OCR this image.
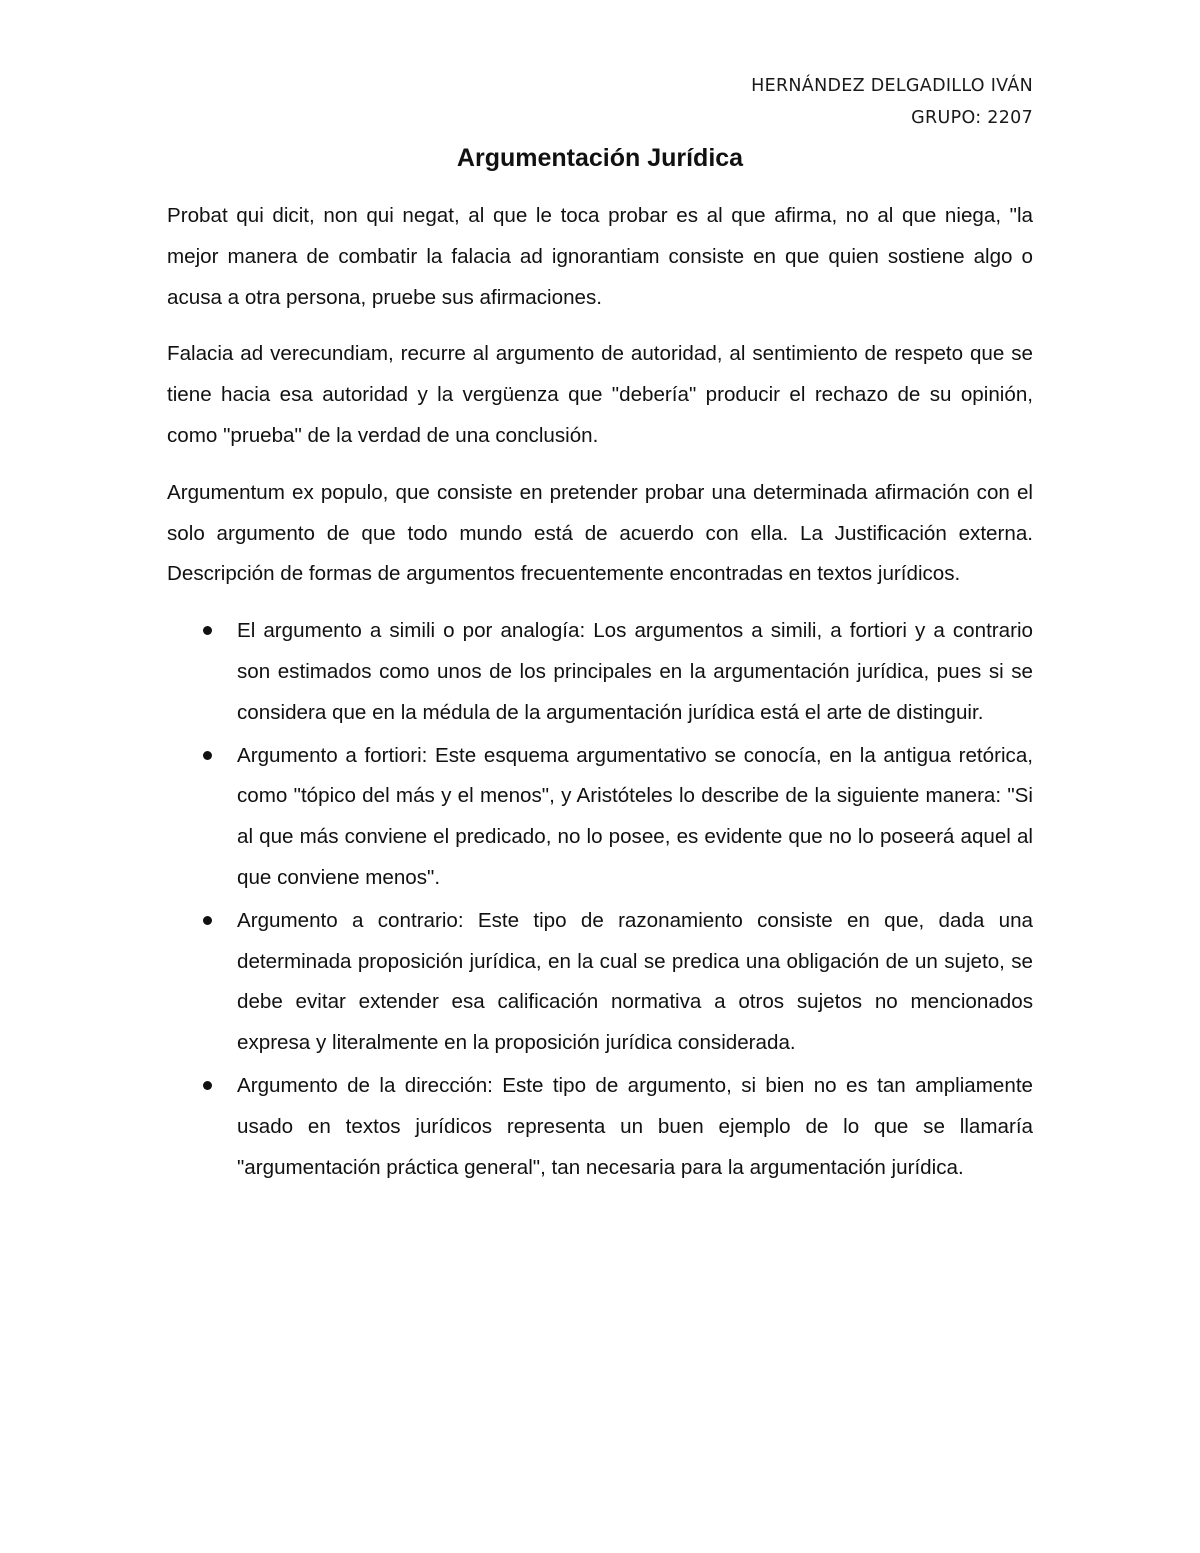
HERNÁNDEZ DELGADILLO IVÁN
GRUPO: 2207
Argumentación Jurídica

Probat qui dicit, non qui negat, al que le toca probar es al que afirma, no al que niega, "la mejor manera de combatir la falacia ad ignorantiam consiste en que quien sostiene algo o acusa a otra persona, pruebe sus afirmaciones.

Falacia ad verecundiam, recurre al argumento de autoridad, al sentimiento de respeto que se tiene hacia esa autoridad y la vergüenza que "debería" producir el rechazo de su opinión, como "prueba" de la verdad de una conclusión.

Argumentum ex populo, que consiste en pretender probar una determinada afirmación con el solo argumento de que todo mundo está de acuerdo con ella. La Justificación externa. Descripción de formas de argumentos frecuentemente encontradas en textos jurídicos.

El argumento a simili o por analogía: Los argumentos a simili, a fortiori y a contrario son estimados como unos de los principales en la argumentación jurídica, pues si se considera que en la médula de la argumentación jurídica está el arte de distinguir.
Argumento a fortiori: Este esquema argumentativo se conocía, en la antigua retórica, como "tópico del más y el menos", y Aristóteles lo describe de la siguiente manera: "Si al que más conviene el predicado, no lo posee, es evidente que no lo poseerá aquel al que conviene menos".
Argumento a contrario: Este tipo de razonamiento consiste en que, dada una determinada proposición jurídica, en la cual se predica una obligación de un sujeto, se debe evitar extender esa calificación normativa a otros sujetos no mencionados expresa y literalmente en la proposición jurídica considerada.
Argumento de la dirección: Este tipo de argumento, si bien no es tan ampliamente usado en textos jurídicos representa un buen ejemplo de lo que se llamaría "argumentación práctica general", tan necesaria para la argumentación jurídica.
